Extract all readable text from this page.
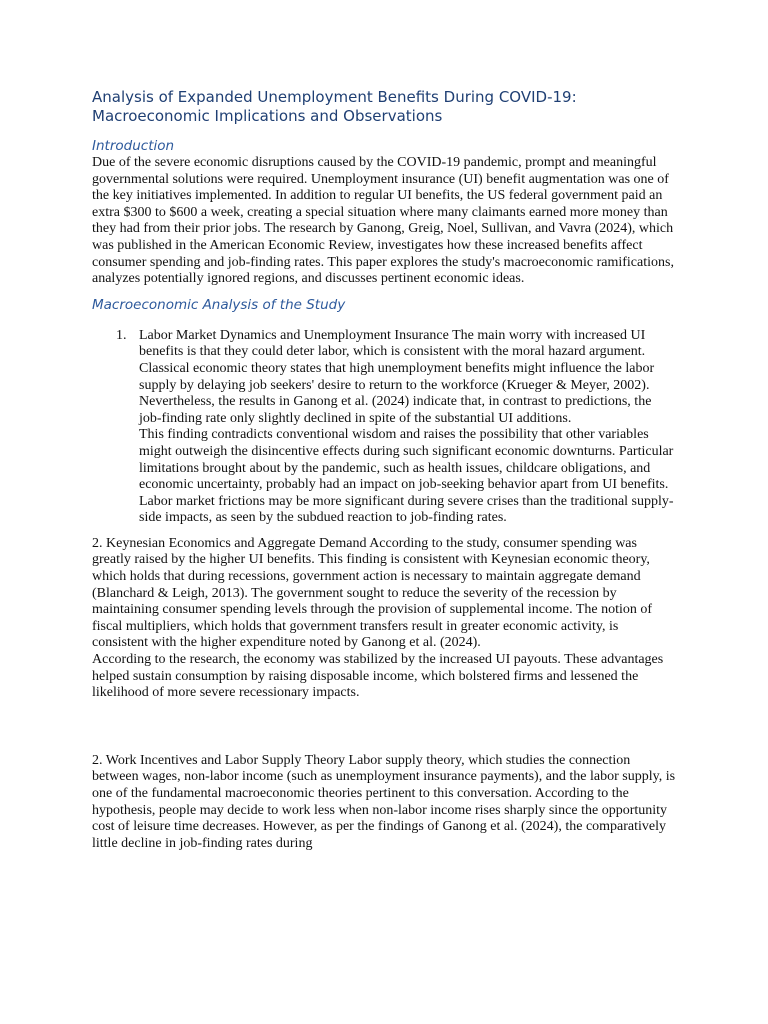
Analysis of Expanded Unemployment Benefits During COVID-19:
Macroeconomic Implications and Observations
Introduction

Due of the severe economic disruptions caused by the COVID-19 pandemic, prompt and meaningful governmental solutions were required. Unemployment insurance (UI) benefit augmentation was one of the key initiatives implemented. In addition to regular UI benefits, the US federal government paid an extra $300 to $600 a week, creating a special situation where many claimants earned more money than they had from their prior jobs. The research by Ganong, Greig, Noel, Sullivan, and Vavra (2024), which was published in the American Economic Review, investigates how these increased benefits affect consumer spending and job-finding rates. This paper explores the study's macroeconomic ramifications, analyzes potentially ignored regions, and discusses pertinent economic ideas.

Macroeconomic Analysis of the Study
1. Labor Market Dynamics and Unemployment Insurance The main worry with increased UI benefits is that they could deter labor, which is consistent with the moral hazard argument. Classical economic theory states that high unemployment benefits might influence the labor supply by delaying job seekers' desire to return to the workforce (Krueger & Meyer, 2002). Nevertheless, the results in Ganong et al. (2024) indicate that, in contrast to predictions, the job-finding rate only slightly declined in spite of the substantial UI additions.

This finding contradicts conventional wisdom and raises the possibility that other variables might outweigh the disincentive effects during such significant economic downturns. Particular limitations brought about by the pandemic, such as health issues, childcare obligations, and economic uncertainty, probably had an impact on job-seeking behavior apart from UI benefits. Labor market frictions may be more significant during severe crises than the traditional supply-side impacts, as seen by the subdued reaction to job-finding rates.

2. Keynesian Economics and Aggregate Demand According to the study, consumer spending was greatly raised by the higher UI benefits. This finding is consistent with Keynesian economic theory, which holds that during recessions, government action is necessary to maintain aggregate demand (Blanchard & Leigh, 2013). The government sought to reduce the severity of the recession by maintaining consumer spending levels through the provision of supplemental income. The notion of fiscal multipliers, which holds that government transfers result in greater economic activity, is consistent with the higher expenditure noted by Ganong et al. (2024).

According to the research, the economy was stabilized by the increased UI payouts. These advantages helped sustain consumption by raising disposable income, which bolstered firms and lessened the likelihood of more severe recessionary impacts.

2. Work Incentives and Labor Supply Theory Labor supply theory, which studies the connection between wages, non-labor income (such as unemployment insurance payments), and the labor supply, is one of the fundamental macroeconomic theories pertinent to this conversation. According to the hypothesis, people may decide to work less when non-labor income rises sharply since the opportunity cost of leisure time decreases. However, as per the findings of Ganong et al. (2024), the comparatively little decline in job-finding rates during
